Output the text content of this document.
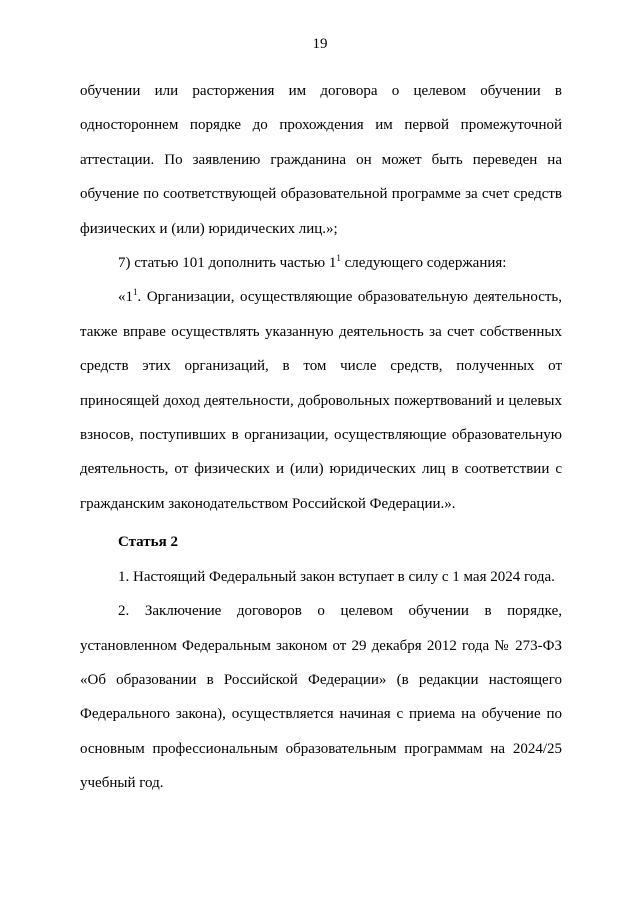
19

обучении или расторжения им договора о целевом обучении в одностороннем порядке до прохождения им первой промежуточной аттестации. По заявлению гражданина он может быть переведен на обучение по соответствующей образовательной программе за счет средств физических и (или) юридических лиц.»;

7) статью 101 дополнить частью $1^1$ следующего содержания:

«$1^1$. Организации, осуществляющие образовательную деятельность, также вправе осуществлять указанную деятельность за счет собственных средств этих организаций, в том числе средств, полученных от приносящей доход деятельности, добровольных пожертвований и целевых взносов, поступивших в организации, осуществляющие образовательную деятельность, от физических и (или) юридических лиц в соответствии с гражданским законодательством Российской Федерации.».

Статья 2

1. Настоящий Федеральный закон вступает в силу с 1 мая 2024 года.

2. Заключение договоров о целевом обучении в порядке, установленном Федеральным законом от 29 декабря 2012 года № 273-ФЗ «Об образовании в Российской Федерации» (в редакции настоящего Федерального закона), осуществляется начиная с приема на обучение по основным профессиональным образовательным программам на 2024/25 учебный год.
